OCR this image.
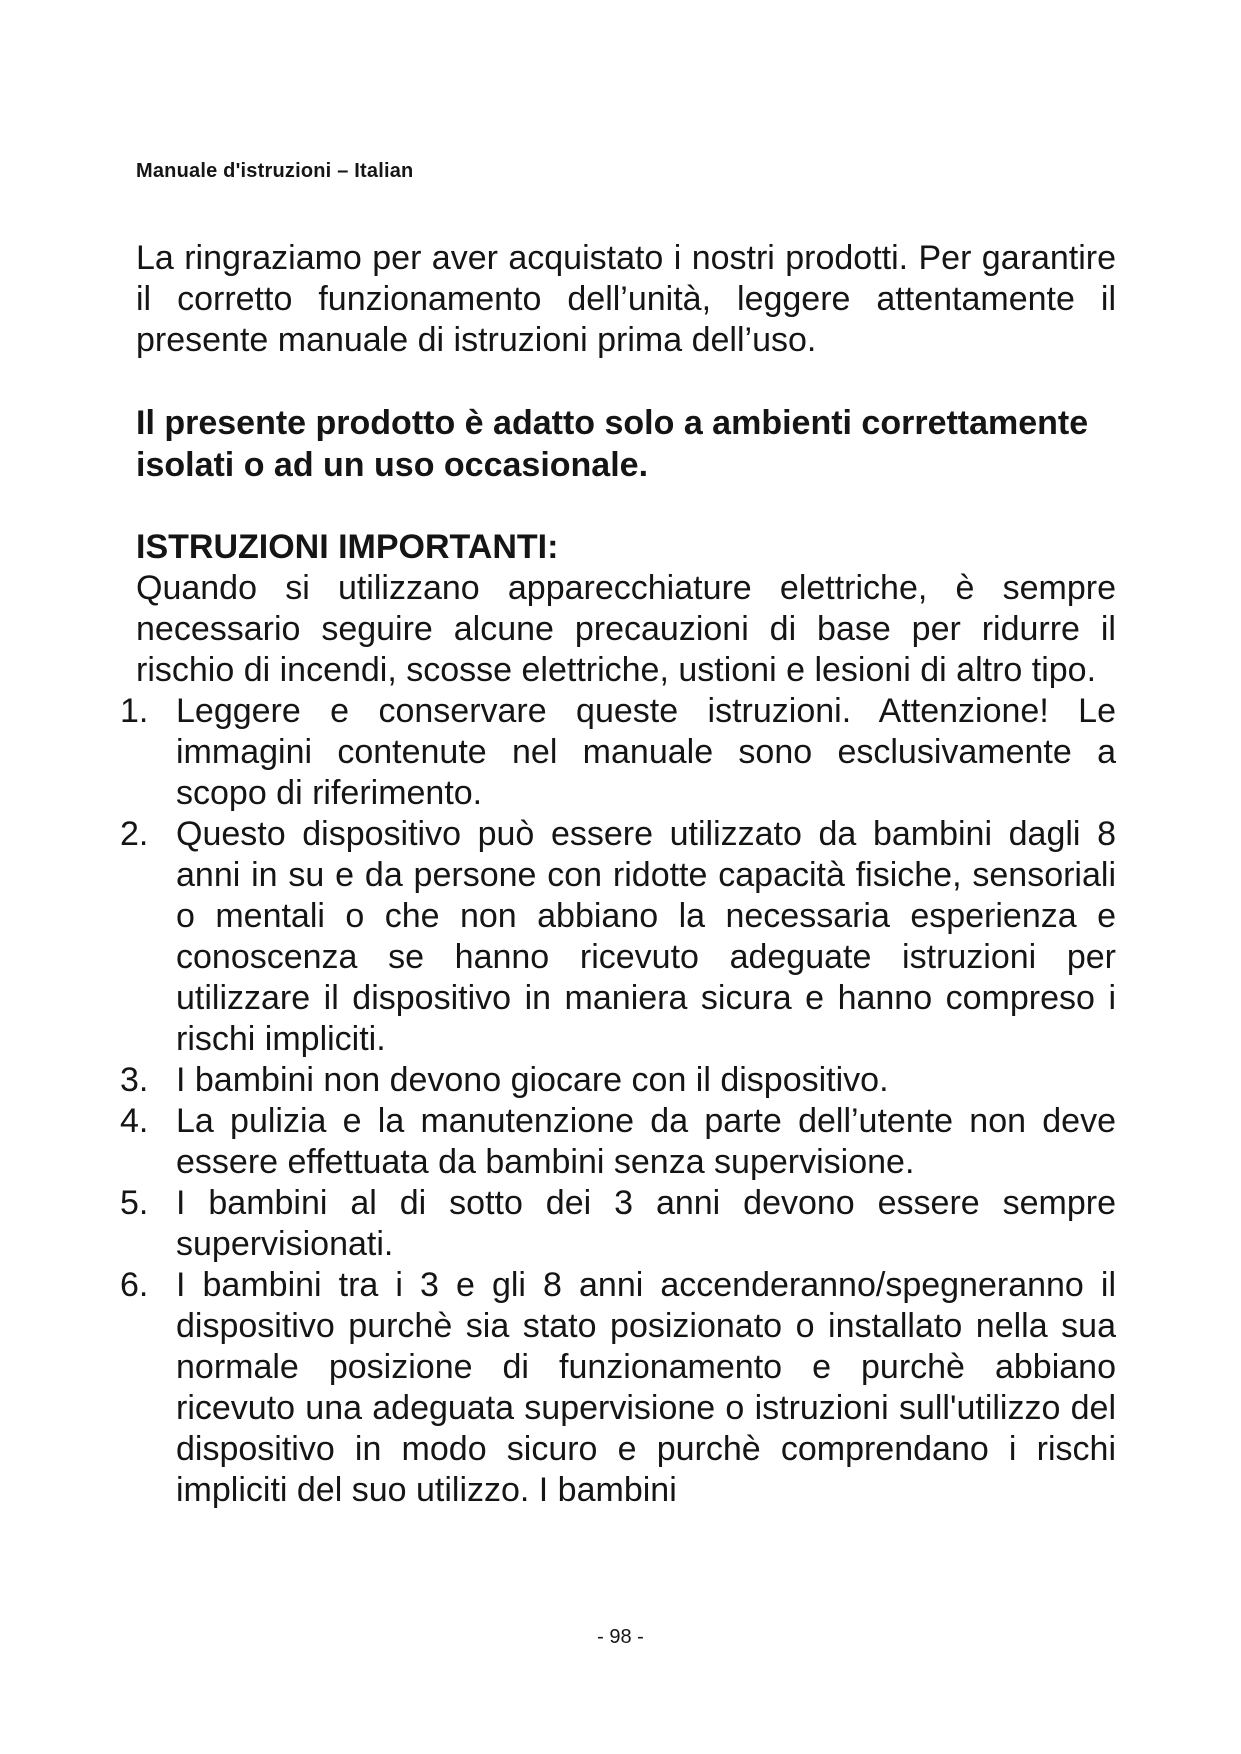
Manuale d'istruzioni – Italian

La ringraziamo per aver acquistato i nostri prodotti. Per garantire il corretto funzionamento dell’unità, leggere attentamente il presente manuale di istruzioni prima dell’uso.

Il presente prodotto è adatto solo a ambienti correttamente isolati o ad un uso occasionale.

ISTRUZIONI IMPORTANTI:

Quando si utilizzano apparecchiature elettriche, è sempre necessario seguire alcune precauzioni di base per ridurre il rischio di incendi, scosse elettriche, ustioni e lesioni di altro tipo.

1. Leggere e conservare queste istruzioni. Attenzione! Le immagini contenute nel manuale sono esclusivamente a scopo di riferimento.
2. Questo dispositivo può essere utilizzato da bambini dagli 8 anni in su e da persone con ridotte capacità fisiche, sensoriali o mentali o che non abbiano la necessaria esperienza e conoscenza se hanno ricevuto adeguate istruzioni per utilizzare il dispositivo in maniera sicura e hanno compreso i rischi impliciti.
3. I bambini non devono giocare con il dispositivo.
4. La pulizia e la manutenzione da parte dell’utente non deve essere effettuata da bambini senza supervisione.
5. I bambini al di sotto dei 3 anni devono essere sempre supervisionati.
6. I bambini tra i 3 e gli 8 anni accenderanno/spegneranno il dispositivo purchè sia stato posizionato o installato nella sua normale posizione di funzionamento e purchè abbiano ricevuto una adeguata supervisione o istruzioni sull'utilizzo del dispositivo in modo sicuro e purchè comprendano i rischi impliciti del suo utilizzo. I bambini
- 98 -
